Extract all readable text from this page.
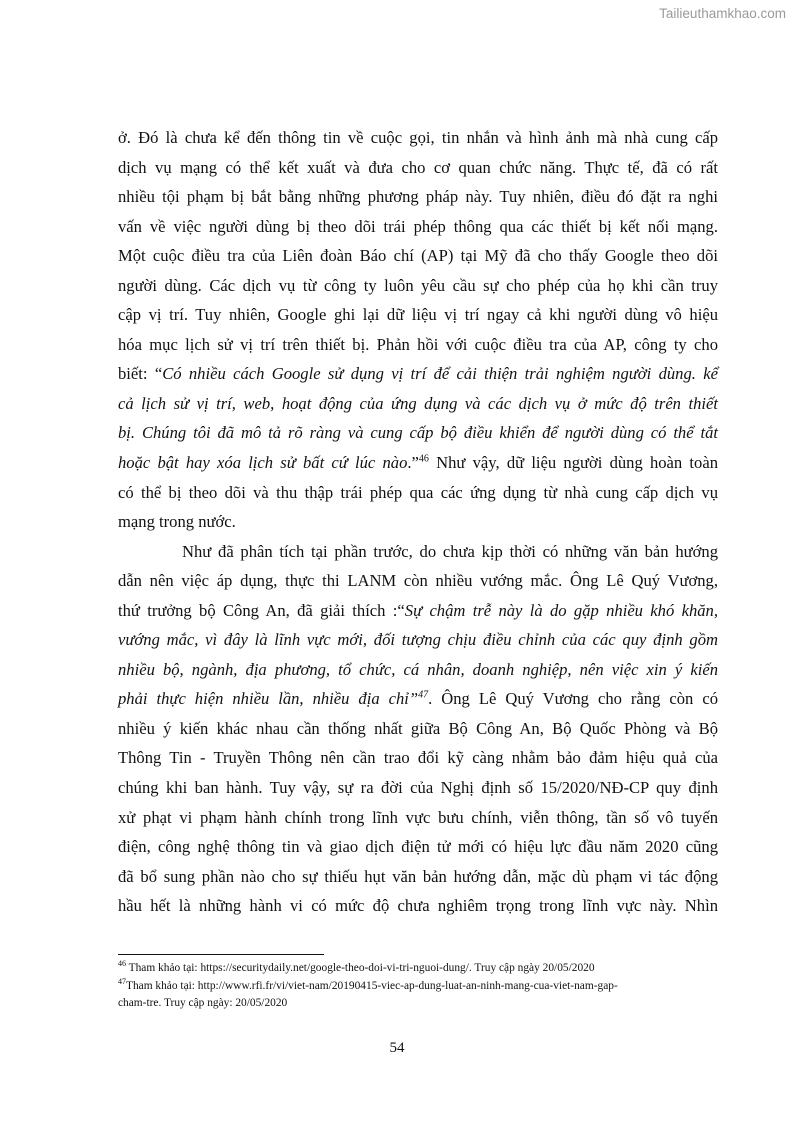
Tailieuthamkhao.com
ở. Đó là chưa kể đến thông tin về cuộc gọi, tin nhắn và hình ảnh mà nhà cung cấp
dịch vụ mạng có thể kết xuất và đưa cho cơ quan chức năng. Thực tế, đã có rất
nhiều tội phạm bị bắt bằng những phương pháp này. Tuy nhiên, điều đó đặt ra nghi
vấn về việc người dùng bị theo dõi trái phép thông qua các thiết bị kết nối mạng.
Một cuộc điều tra của Liên đoàn Báo chí (AP) tại Mỹ đã cho thấy Google theo dõi
người dùng. Các dịch vụ từ công ty luôn yêu cầu sự cho phép của họ khi cần truy
cập vị trí. Tuy nhiên, Google ghi lại dữ liệu vị trí ngay cả khi người dùng vô hiệu
hóa mục lịch sử vị trí trên thiết bị. Phản hồi với cuộc điều tra của AP, công ty cho
biết: “Có nhiều cách Google sử dụng vị trí để cải thiện trải nghiệm người dùng. kể
cả lịch sử vị trí, web, hoạt động của ứng dụng và các dịch vụ ở mức độ trên thiết
bị. Chúng tôi đã mô tả rõ ràng và cung cấp bộ điều khiển để người dùng có thể tắt
hoặc bật hay xóa lịch sử bất cứ lúc nào.”$^{46}$ Như vậy, dữ liệu người dùng hoàn toàn
có thể bị theo dõi và thu thập trái phép qua các ứng dụng từ nhà cung cấp dịch vụ
mạng trong nước.
Như đã phân tích tại phần trước, do chưa kịp thời có những văn bản hướng
dẫn nên việc áp dụng, thực thi LANM còn nhiều vướng mắc. Ông Lê Quý Vương,
thứ trưởng bộ Công An, đã giải thích :“Sự chậm trễ này là do gặp nhiều khó khăn,
vướng mắc, vì đây là lĩnh vực mới, đối tượng chịu điều chỉnh của các quy định gồm
nhiều bộ, ngành, địa phương, tổ chức, cá nhân, doanh nghiệp, nên việc xin ý kiến
phải thực hiện nhiều lần, nhiều địa chỉ”$^{47}$. Ông Lê Quý Vương cho rằng còn có
nhiều ý kiến khác nhau cần thống nhất giữa Bộ Công An, Bộ Quốc Phòng và Bộ
Thông Tin - Truyền Thông nên cần trao đổi kỹ càng nhằm bảo đảm hiệu quả của
chúng khi ban hành. Tuy vậy, sự ra đời của Nghị định số 15/2020/NĐ-CP quy định
xử phạt vi phạm hành chính trong lĩnh vực bưu chính, viễn thông, tần số vô tuyến
điện, công nghệ thông tin và giao dịch điện tử mới có hiệu lực đầu năm 2020 cũng
đã bổ sung phần nào cho sự thiếu hụt văn bản hướng dẫn, mặc dù phạm vi tác động
hầu hết là những hành vi có mức độ chưa nghiêm trọng trong lĩnh vực này. Nhìn
$^{46}$ Tham khảo tại: https://securitydaily.net/google-theo-doi-vi-tri-nguoi-dung/. Truy cập ngày 20/05/2020
$^{47}$Tham khảo tại: http://www.rfi.fr/vi/viet-nam/20190415-viec-ap-dung-luat-an-ninh-mang-cua-viet-nam-gap-
cham-tre. Truy cập ngày: 20/05/2020
54
